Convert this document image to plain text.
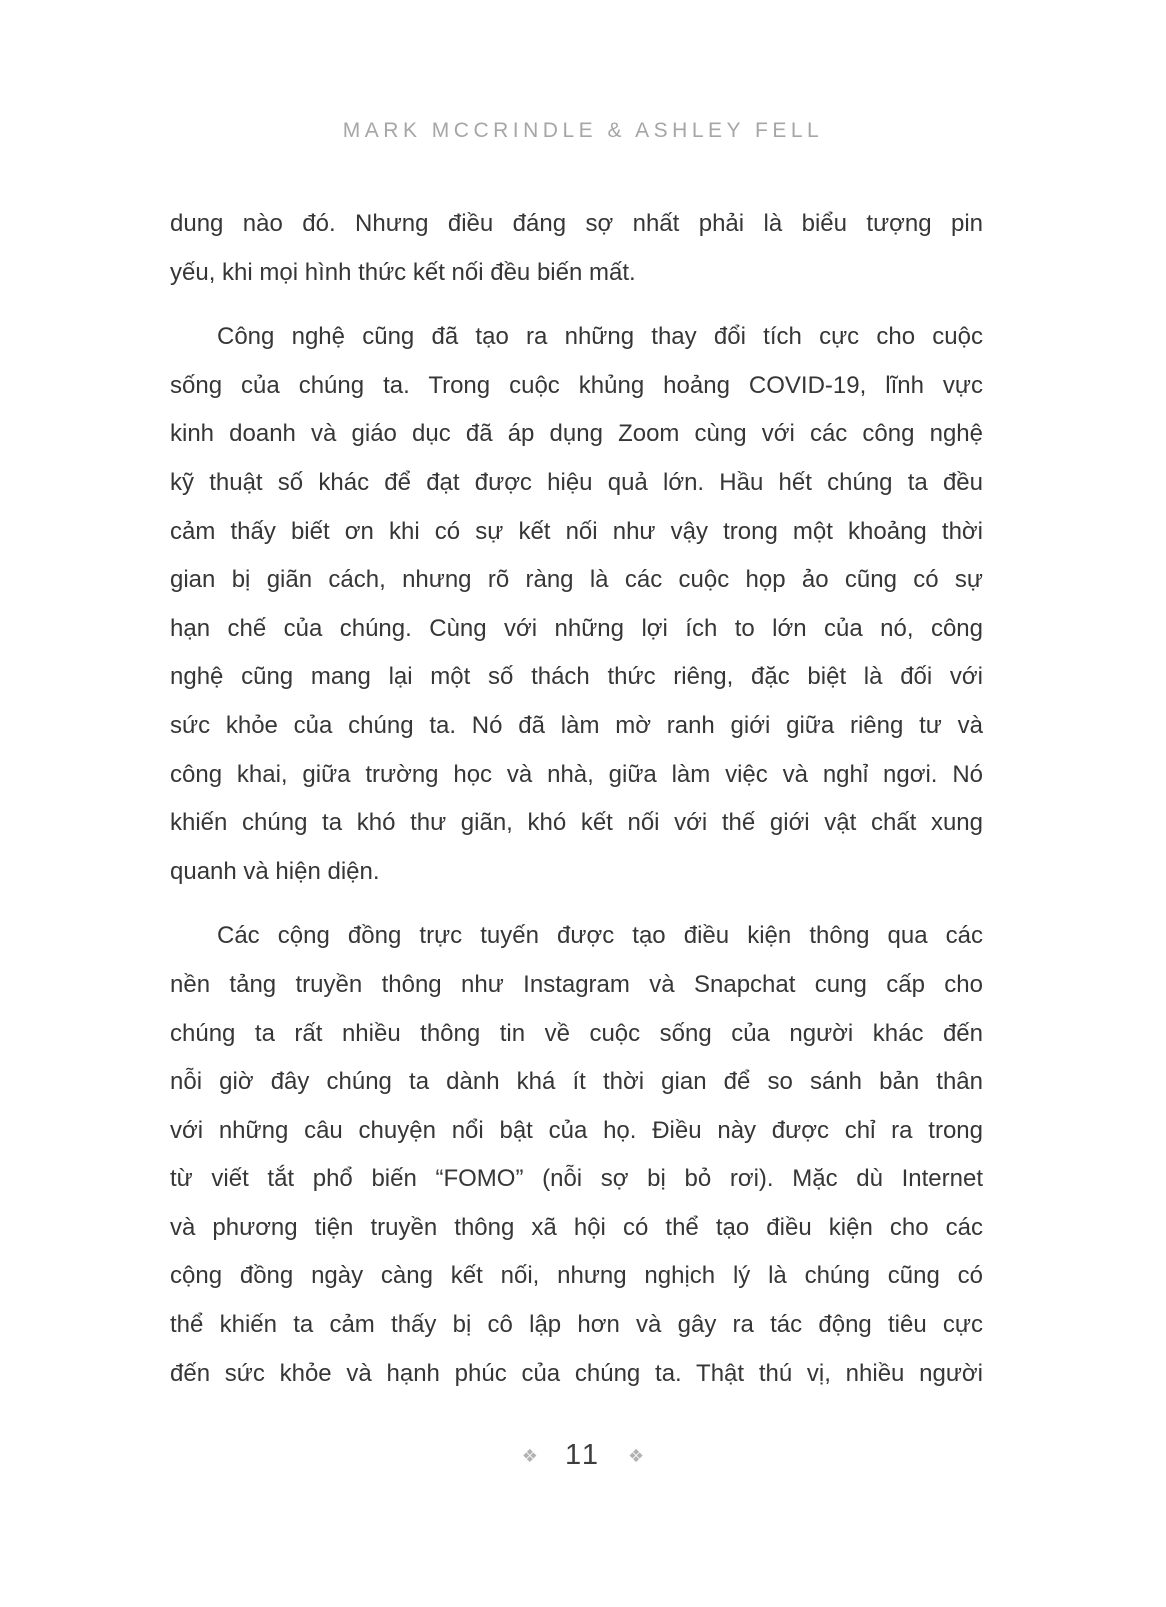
MARK MCCRINDLE & ASHLEY FELL
dung nào đó. Nhưng điều đáng sợ nhất phải là biểu tượng pin
yếu, khi mọi hình thức kết nối đều biến mất.
Công nghệ cũng đã tạo ra những thay đổi tích cực cho cuộc
sống của chúng ta. Trong cuộc khủng hoảng COVID-19, lĩnh vực
kinh doanh và giáo dục đã áp dụng Zoom cùng với các công nghệ
kỹ thuật số khác để đạt được hiệu quả lớn. Hầu hết chúng ta đều
cảm thấy biết ơn khi có sự kết nối như vậy trong một khoảng thời
gian bị giãn cách, nhưng rõ ràng là các cuộc họp ảo cũng có sự
hạn chế của chúng. Cùng với những lợi ích to lớn của nó, công
nghệ cũng mang lại một số thách thức riêng, đặc biệt là đối với
sức khỏe của chúng ta. Nó đã làm mờ ranh giới giữa riêng tư và
công khai, giữa trường học và nhà, giữa làm việc và nghỉ ngơi. Nó
khiến chúng ta khó thư giãn, khó kết nối với thế giới vật chất xung
quanh và hiện diện.
Các cộng đồng trực tuyến được tạo điều kiện thông qua các
nền tảng truyền thông như Instagram và Snapchat cung cấp cho
chúng ta rất nhiều thông tin về cuộc sống của người khác đến
nỗi giờ đây chúng ta dành khá ít thời gian để so sánh bản thân
với những câu chuyện nổi bật của họ. Điều này được chỉ ra trong
từ viết tắt phổ biến “FOMO” (nỗi sợ bị bỏ rơi). Mặc dù Internet
và phương tiện truyền thông xã hội có thể tạo điều kiện cho các
cộng đồng ngày càng kết nối, nhưng nghịch lý là chúng cũng có
thể khiến ta cảm thấy bị cô lập hơn và gây ra tác động tiêu cực
đến sức khỏe và hạnh phúc của chúng ta. Thật thú vị, nhiều người
❖ 11 ❖
